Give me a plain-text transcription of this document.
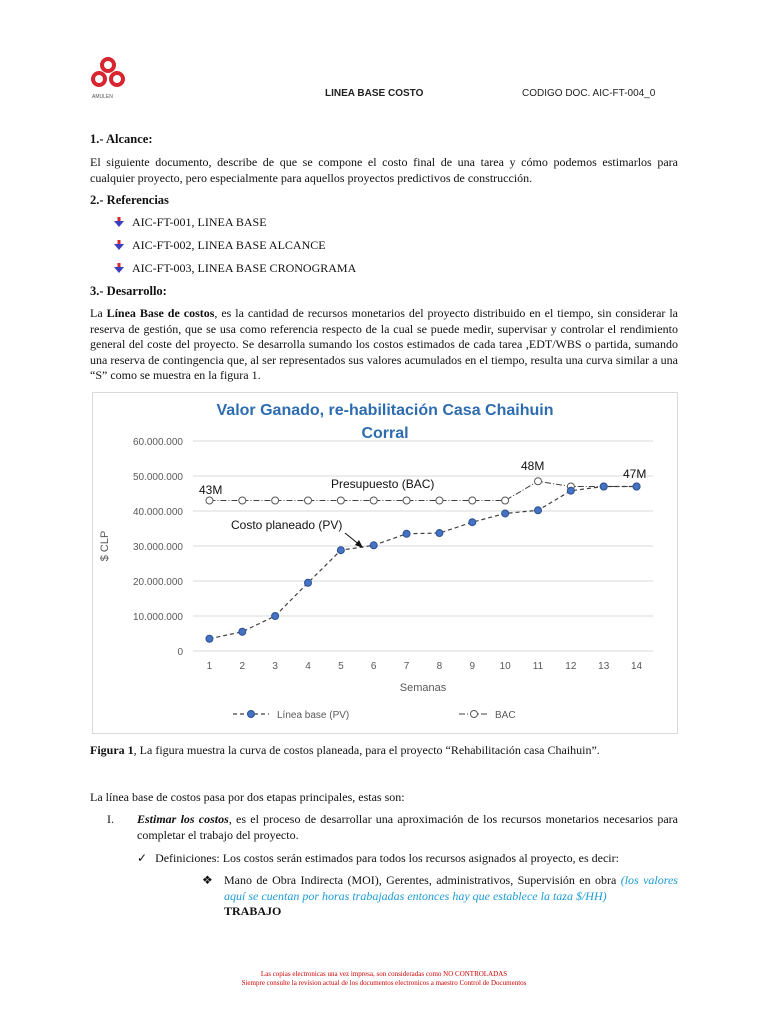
AMULEN	LINEA BASE COSTO	CODIGO DOC. AIC-FT-004_0
1.- Alcance:
El siguiente documento, describe de que se compone el costo final de una tarea y cómo podemos estimarlos para cualquier proyecto, pero especialmente para aquellos proyectos predictivos de construcción.
2.- Referencias
AIC-FT-001, LINEA BASE
AIC-FT-002, LINEA BASE ALCANCE
AIC-FT-003, LINEA BASE CRONOGRAMA
3.- Desarrollo:
La Línea Base de costos, es la cantidad de recursos monetarios del proyecto distribuido en el tiempo, sin considerar la reserva de gestión, que se usa como referencia respecto de la cual se puede medir, supervisar y controlar el rendimiento general del coste del proyecto. Se desarrolla sumando los costos estimados de cada tarea ,EDT/WBS o partida, sumando una reserva de contingencia que, al ser representados sus valores acumulados en el tiempo, resulta una curva similar a una “S” como se muestra en la figura 1.
Valor Ganado, re-habilitación Casa Chaihuin
Corral
0
10.000.000
20.000.000
30.000.000
40.000.000
50.000.000
60.000.000
1	2	3	4	5	6	7	8	9 10 11 12 13 14
Semanas
$ CLP
43M
48M
47M
Presupuesto (BAC)
Costo planeado (PV)
Línea base (PV)	BAC
Figura 1, La figura muestra la curva de costos planeada, para el proyecto “Rehabilitación casa Chaihuin”.
La línea base de costos pasa por dos etapas principales, estas son:
I. Estimar los costos, es el proceso de desarrollar una aproximación de los recursos monetarios necesarios para completar el trabajo del proyecto.
✓ Definiciones: Los costos serán estimados para todos los recursos asignados al proyecto, es decir:
❖ Mano de Obra Indirecta (MOI), Gerentes, administrativos, Supervisión en obra (los valores aquí se cuentan por horas trabajadas entonces hay que establece la taza $/HH)
TRABAJO
Las copias electronicas una vez impresa, son consideradas como NO CONTROLADAS
Siempre consulte la revision actual de los documentos electronicos a maestro Control de Documentos
